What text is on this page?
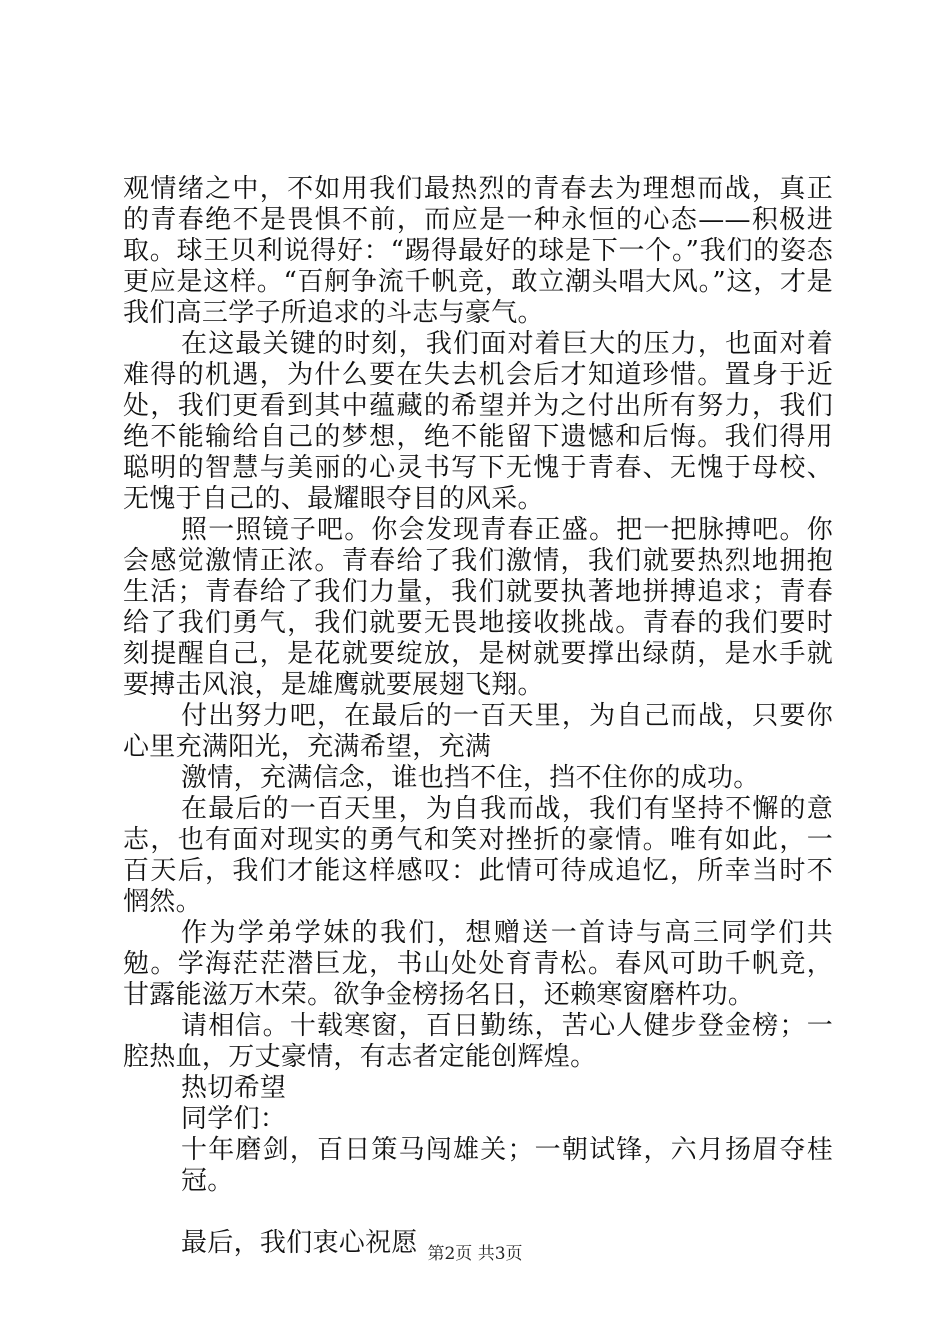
观情绪之中，不如用我们最热烈的青春去为理想而战，真正的青春绝不是畏惧不前，而应是一种永恒的心态——积极进取。球王贝利说得好：“踢得最好的球是下一个。”我们的姿态更应是这样。“百舸争流千帆竞，敢立潮头唱大风。”这，才是我们高三学子所追求的斗志与豪气。

在这最关键的时刻，我们面对着巨大的压力，也面对着难得的机遇，为什么要在失去机会后才知道珍惜。置身于近处，我们更看到其中蕴藏的希望并为之付出所有努力，我们绝不能输给自己的梦想，绝不能留下遗憾和后悔。我们得用聪明的智慧与美丽的心灵书写下无愧于青春、无愧于母校、无愧于自己的、最耀眼夺目的风采。

照一照镜子吧。你会发现青春正盛。把一把脉搏吧。你会感觉激情正浓。青春给了我们激情，我们就要热烈地拥抱生活；青春给了我们力量，我们就要执著地拼搏追求；青春给了我们勇气，我们就要无畏地接收挑战。青春的我们要时刻提醒自己，是花就要绽放，是树就要撑出绿荫，是水手就要搏击风浪，是雄鹰就要展翅飞翔。

付出努力吧，在最后的一百天里，为自己而战，只要你心里充满阳光，充满希望，充满

激情，充满信念，谁也挡不住，挡不住你的成功。

在最后的一百天里，为自我而战，我们有坚持不懈的意志，也有面对现实的勇气和笑对挫折的豪情。唯有如此，一百天后，我们才能这样感叹：此情可待成追忆，所幸当时不惘然。

作为学弟学妹的我们，想赠送一首诗与高三同学们共勉。学海茫茫潜巨龙，书山处处育青松。春风可助千帆竞，甘露能滋万木荣。欲争金榜扬名日，还赖寒窗磨杵功。

请相信。十载寒窗，百日勤练，苦心人健步登金榜；一腔热血，万丈豪情，有志者定能创辉煌。

热切希望

同学们：

十年磨剑，百日策马闯雄关；一朝试锋，六月扬眉夺桂冠。

最后，我们衷心祝愿 第2页 共3页
